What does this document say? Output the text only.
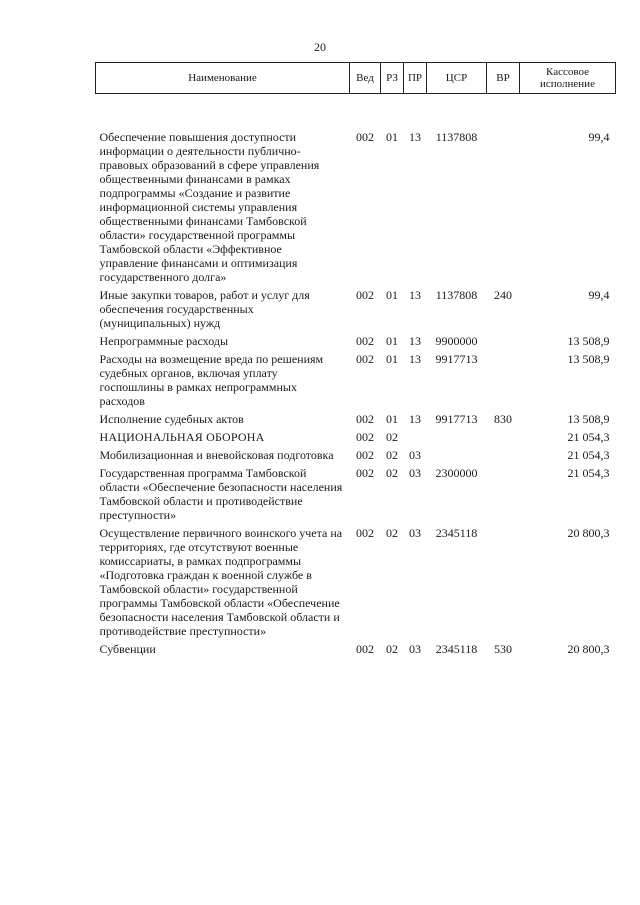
20
Наименование	Вед	РЗ	ПР	ЦСР	ВР	Кассовое исполнение
Обеспечение повышения доступности информации о деятельности публично-правовых образований в сфере управления общественными финансами в рамках подпрограммы «Создание и развитие информационной системы управления общественными финансами Тамбовской области» государственной программы Тамбовской области «Эффективное управление финансами и оптимизация государственного долга»	002	01	13	1137808		99,4
Иные закупки товаров, работ и услуг для обеспечения государственных (муниципальных) нужд	002	01	13	1137808	240	99,4
Непрограммные расходы	002	01	13	9900000		13 508,9
Расходы на возмещение вреда по решениям судебных органов, включая уплату госпошлины в рамках непрограммных расходов	002	01	13	9917713		13 508,9
Исполнение судебных актов	002	01	13	9917713	830	13 508,9
НАЦИОНАЛЬНАЯ ОБОРОНА	002	02				21 054,3
Мобилизационная и вневойсковая подготовка	002	02	03			21 054,3
Государственная программа Тамбовской области «Обеспечение безопасности населения Тамбовской области и противодействие преступности»	002	02	03	2300000		21 054,3
Осуществление первичного воинского учета на территориях, где отсутствуют военные комиссариаты, в рамках подпрограммы «Подготовка граждан к военной службе в Тамбовской области» государственной программы Тамбовской области «Обеспечение безопасности населения Тамбовской области и противодействие преступности»	002	02	03	2345118		20 800,3
Субвенции	002	02	03	2345118	530	20 800,3
